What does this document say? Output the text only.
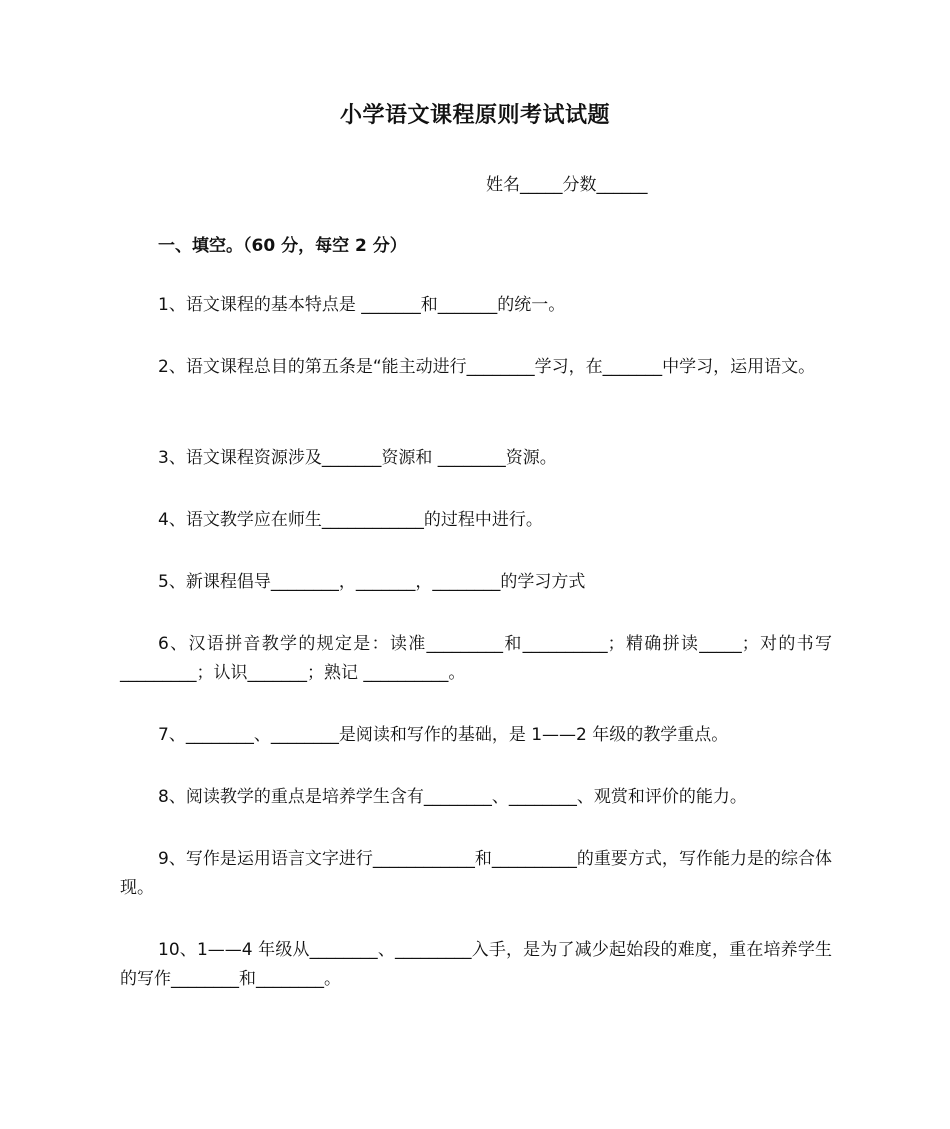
小学语文课程原则考试试题
姓名_____分数______
一、填空。（60 分，每空 2 分）
1、语文课程的基本特点是 _______和_______的统一。
2、语文课程总目的第五条是“能主动进行________学习，在_______中学习，运用语文。
3、语文课程资源涉及_______资源和 ________资源。
4、语文教学应在师生____________的过程中进行。
5、新课程倡导________，_______，________的学习方式
6、汉语拼音教学的规定是：读准_________和__________；精确拼读_____；对的书写_________；认识_______；熟记 __________。
7、________、________是阅读和写作的基础，是 1——2 年级的教学重点。
8、阅读教学的重点是培养学生含有________、________、观赏和评价的能力。
9、写作是运用语言文字进行____________和__________的重要方式，写作能力是的综合体现。
10、1——4 年级从________、_________入手，是为了减少起始段的难度，重在培养学生的写作________和________。
